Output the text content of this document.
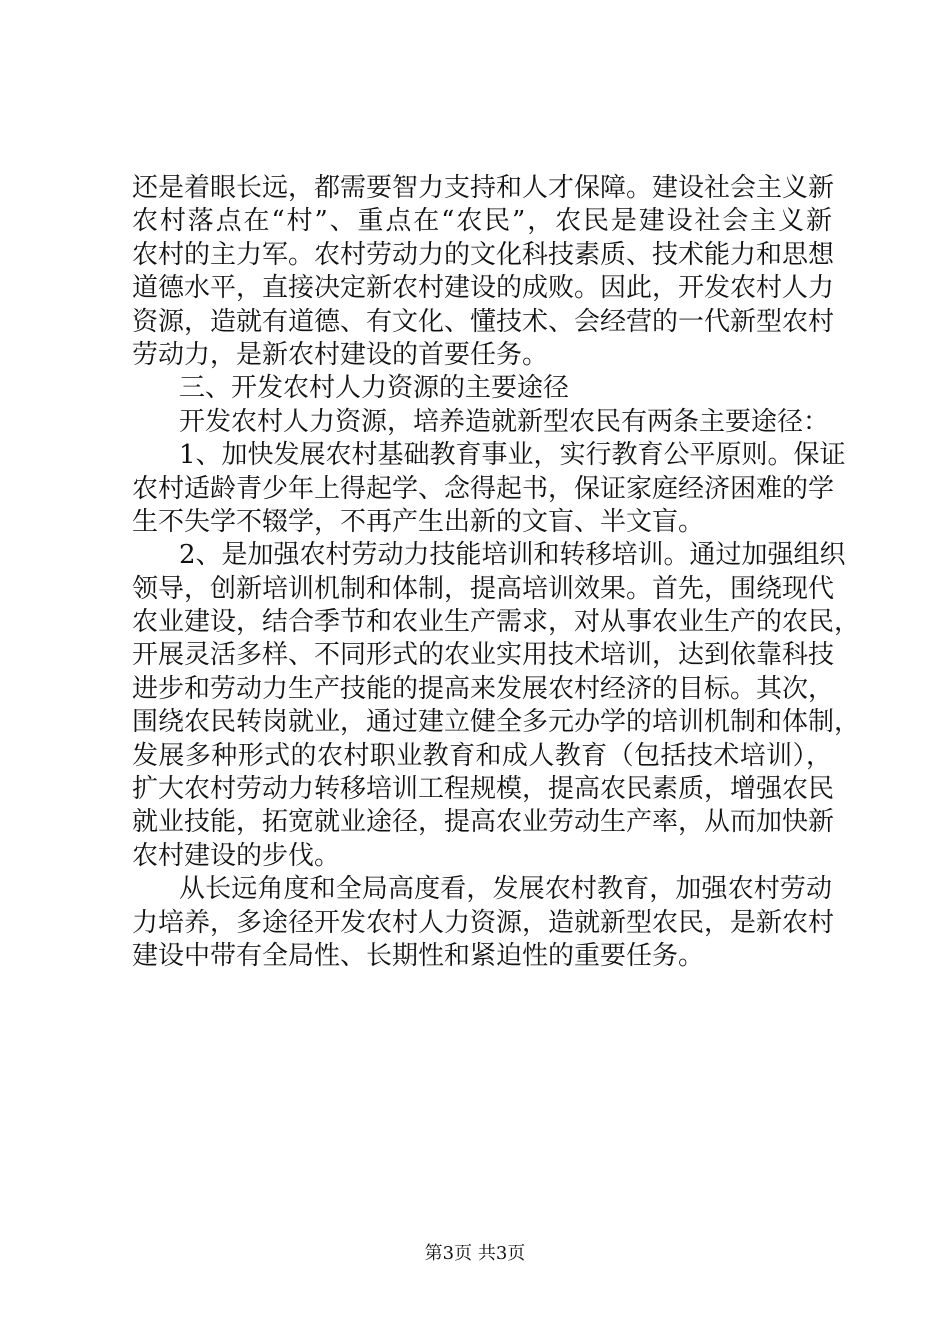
还是着眼长远，都需要智力支持和人才保障。建设社会主义新
农村落点在“村”、重点在“农民”，农民是建设社会主义新
农村的主力军。农村劳动力的文化科技素质、技术能力和思想
道德水平，直接决定新农村建设的成败。因此，开发农村人力
资源，造就有道德、有文化、懂技术、会经营的一代新型农村
劳动力，是新农村建设的首要任务。
三、开发农村人力资源的主要途径
开发农村人力资源，培养造就新型农民有两条主要途径：
1、加快发展农村基础教育事业，实行教育公平原则。保证
农村适龄青少年上得起学、念得起书，保证家庭经济困难的学
生不失学不辍学，不再产生出新的文盲、半文盲。
2、是加强农村劳动力技能培训和转移培训。通过加强组织
领导，创新培训机制和体制，提高培训效果。首先，围绕现代
农业建设，结合季节和农业生产需求，对从事农业生产的农民，
开展灵活多样、不同形式的农业实用技术培训，达到依靠科技
进步和劳动力生产技能的提高来发展农村经济的目标。其次，
围绕农民转岗就业，通过建立健全多元办学的培训机制和体制，
发展多种形式的农村职业教育和成人教育（包括技术培训），
扩大农村劳动力转移培训工程规模，提高农民素质，增强农民
就业技能，拓宽就业途径，提高农业劳动生产率，从而加快新
农村建设的步伐。
从长远角度和全局高度看，发展农村教育，加强农村劳动
力培养，多途径开发农村人力资源，造就新型农民，是新农村
建设中带有全局性、长期性和紧迫性的重要任务。
第3页 共3页
